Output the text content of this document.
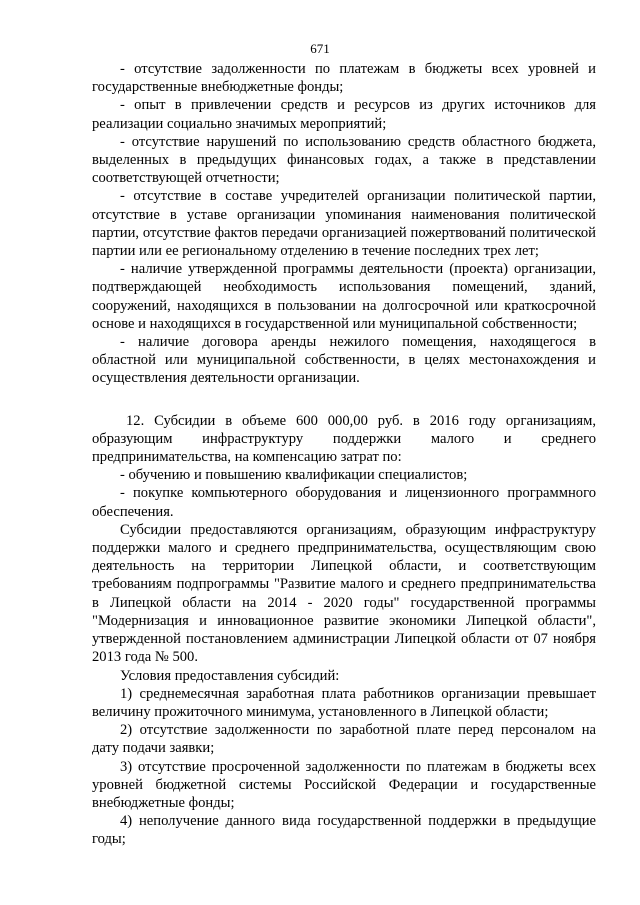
671

- отсутствие задолженности по платежам в бюджеты всех уровней и государственные внебюджетные фонды;

- опыт в привлечении средств и ресурсов из других источников для реализации социально значимых мероприятий;

- отсутствие нарушений по использованию средств областного бюджета, выделенных в предыдущих финансовых годах, а также в представлении соответствующей отчетности;

- отсутствие в составе учредителей организации политической партии, отсутствие в уставе организации упоминания наименования политической партии, отсутствие фактов передачи организацией пожертвований политической партии или ее региональному отделению в течение последних трех лет;

- наличие утвержденной программы деятельности (проекта) организации, подтверждающей необходимость использования помещений, зданий, сооружений, находящихся в пользовании на долгосрочной или краткосрочной основе и находящихся в государственной или муниципальной собственности;

- наличие договора аренды нежилого помещения, находящегося в областной или муниципальной собственности, в целях местонахождения и осуществления деятельности организации.

12. Субсидии в объеме 600 000,00 руб. в 2016 году организациям, образующим инфраструктуру поддержки малого и среднего предпринимательства, на компенсацию затрат по:

- обучению и повышению квалификации специалистов;

- покупке компьютерного оборудования и лицензионного программного обеспечения.

Субсидии предоставляются организациям, образующим инфраструктуру поддержки малого и среднего предпринимательства, осуществляющим свою деятельность на территории Липецкой области, и соответствующим требованиям подпрограммы "Развитие малого и среднего предпринимательства в Липецкой области на 2014 - 2020 годы" государственной программы "Модернизация и инновационное развитие экономики Липецкой области", утвержденной постановлением администрации Липецкой области от 07 ноября 2013 года № 500.

Условия предоставления субсидий:

1) среднемесячная заработная плата работников организации превышает величину прожиточного минимума, установленного в Липецкой области;

2) отсутствие задолженности по заработной плате перед персоналом на дату подачи заявки;

3) отсутствие просроченной задолженности по платежам в бюджеты всех уровней бюджетной системы Российской Федерации и государственные внебюджетные фонды;

4) неполучение данного вида государственной поддержки в предыдущие годы;
